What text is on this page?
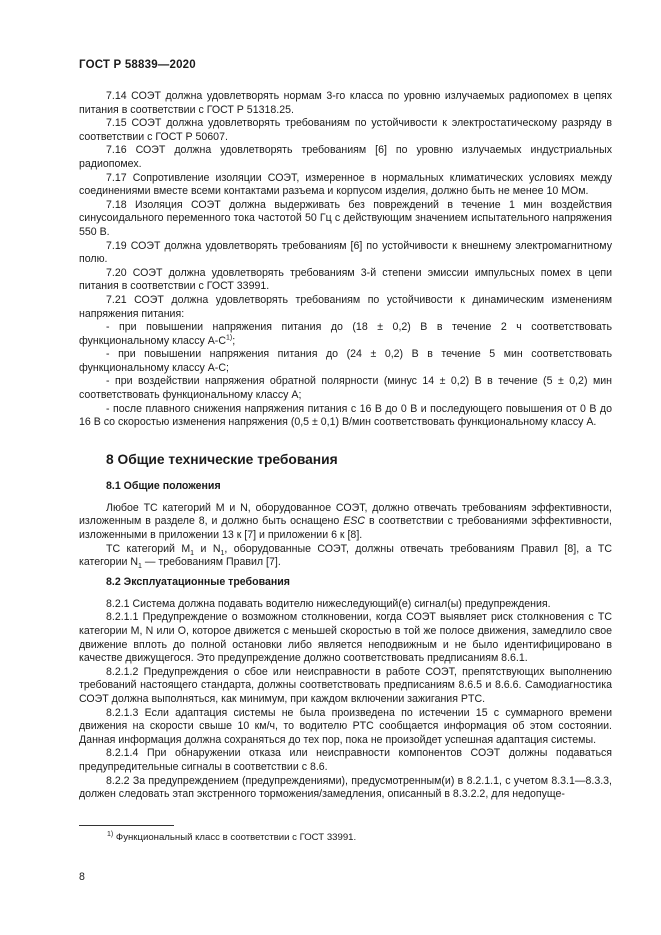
ГОСТ Р 58839—2020

7.14 СОЭТ должна удовлетворять нормам 3-го класса по уровню излучаемых радиопомех в цепях питания в соответствии с ГОСТ Р 51318.25.

7.15 СОЭТ должна удовлетворять требованиям по устойчивости к электростатическому разряду в соответствии с ГОСТ Р 50607.

7.16 СОЭТ должна удовлетворять требованиям [6] по уровню излучаемых индустриальных радиопомех.

7.17 Сопротивление изоляции СОЭТ, измеренное в нормальных климатических условиях между соединениями вместе всеми контактами разъема и корпусом изделия, должно быть не менее 10 МОм.

7.18 Изоляция СОЭТ должна выдерживать без повреждений в течение 1 мин воздействия синусоидального переменного тока частотой 50 Гц с действующим значением испытательного напряжения 550 В.

7.19 СОЭТ должна удовлетворять требованиям [6] по устойчивости к внешнему электромагнитному полю.

7.20 СОЭТ должна удовлетворять требованиям 3-й степени эмиссии импульсных помех в цепи питания в соответствии с ГОСТ 33991.

7.21 СОЭТ должна удовлетворять требованиям по устойчивости к динамическим изменениям напряжения питания:

- при повышении напряжения питания до (18 ± 0,2) В в течение 2 ч соответствовать функциональному классу $А-С^{1)}$;

- при повышении напряжения питания до (24 ± 0,2) В в течение 5 мин соответствовать функциональному классу А-С;

- при воздействии напряжения обратной полярности (минус 14 ± 0,2) В в течение (5 ± 0,2) мин соответствовать функциональному классу А;

- после плавного снижения напряжения питания с 16 В до 0 В и последующего повышения от 0 В до 16 В со скоростью изменения напряжения (0,5 ± 0,1) В/мин соответствовать функциональному классу А.

8 Общие технические требования
8.1 Общие положения

Любое ТС категорий M и N, оборудованное СОЭТ, должно отвечать требованиям эффективности, изложенным в разделе 8, и должно быть оснащено ESC в соответствии с требованиями эффективности, изложенными в приложении 13 к [7] и приложении 6 к [8].

ТС категорий $M_1$ и $N_1$, оборудованные СОЭТ, должны отвечать требованиям Правил [8], а ТС категории $N_1$ — требованиям Правил [7].

8.2 Эксплуатационные требования

8.2.1 Система должна подавать водителю нижеследующий(е) сигнал(ы) предупреждения.

8.2.1.1 Предупреждение о возможном столкновении, когда СОЭТ выявляет риск столкновения с ТС категории M, N или О, которое движется с меньшей скоростью в той же полосе движения, замедлило свое движение вплоть до полной остановки либо является неподвижным и не было идентифицировано в качестве движущегося. Это предупреждение должно соответствовать предписаниям 8.6.1.

8.2.1.2 Предупреждения о сбое или неисправности в работе СОЭТ, препятствующих выполнению требований настоящего стандарта, должны соответствовать предписаниям 8.6.5 и 8.6.6. Самодиагностика СОЭТ должна выполняться, как минимум, при каждом включении зажигания PTC.

8.2.1.3 Если адаптация системы не была произведена по истечении 15 с суммарного времени движения на скорости свыше 10 км/ч, то водителю PTC сообщается информация об этом состоянии. Данная информация должна сохраняться до тех пор, пока не произойдет успешная адаптация системы.

8.2.1.4 При обнаружении отказа или неисправности компонентов СОЭТ должны подаваться предупредительные сигналы в соответствии с 8.6.

8.2.2 За предупреждением (предупреждениями), предусмотренным(и) в 8.2.1.1, с учетом 8.3.1—8.3.3, должен следовать этап экстренного торможения/замедления, описанный в 8.3.2.2, для недопуще-

$^{1)}$ Функциональный класс в соответствии с ГОСТ 33991.
8
